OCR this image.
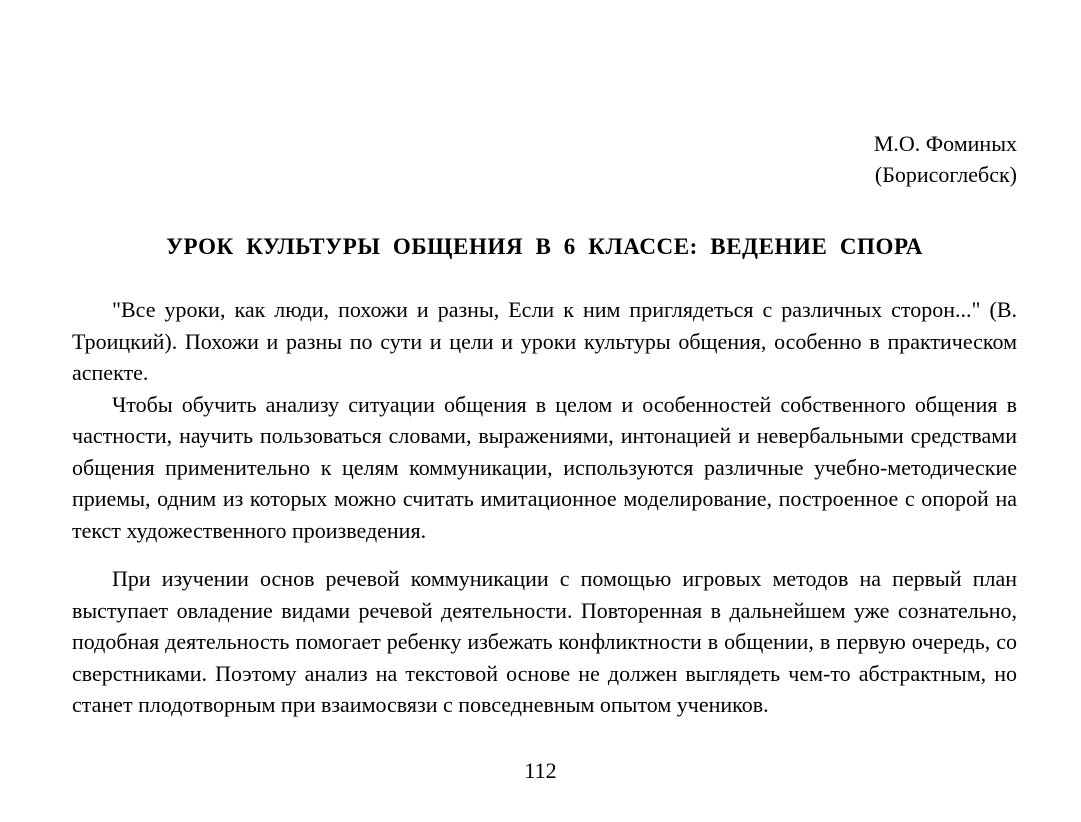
М.О. Фоминых
(Борисоглебск)
УРОК КУЛЬТУРЫ ОБЩЕНИЯ В 6 КЛАССЕ: ВЕДЕНИЕ СПОРА

"Все уроки, как люди, похожи и разны, Если к ним приглядеться с различных сторон..." (В. Троицкий). Похожи и разны по сути и цели и уроки культуры общения, особенно в практическом аспекте.

Чтобы обучить анализу ситуации общения в целом и особенностей собственного общения в частности, научить пользоваться словами, выражениями, интонацией и невербальными средствами общения применительно к целям коммуникации, используются различные учебно-методические приемы, одним из которых можно считать имитационное моделирование, построенное с опорой на текст художественного произведения.

При изучении основ речевой коммуникации с помощью игровых методов на первый план выступает овладение видами речевой деятельности. Повторенная в дальнейшем уже сознательно, подобная деятельность помогает ребенку избежать конфликтности в общении, в первую очередь, со сверстниками. Поэтому анализ на текстовой основе не должен выглядеть чем-то абстрактным, но станет плодотворным при взаимосвязи с повседневным опытом учеников.

112
